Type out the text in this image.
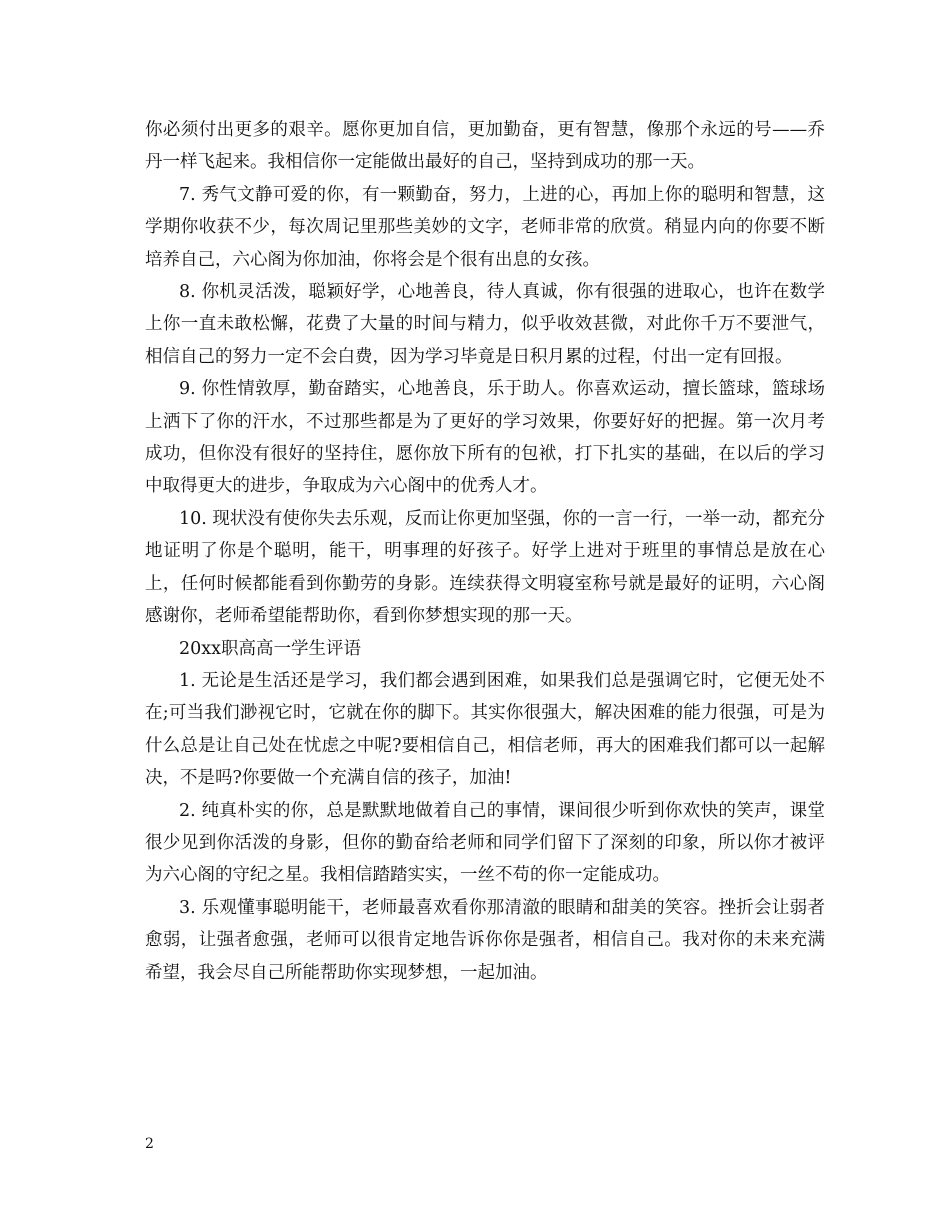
你必须付出更多的艰辛。愿你更加自信，更加勤奋，更有智慧，像那个永远的号——乔丹一样飞起来。我相信你一定能做出最好的自己，坚持到成功的那一天。

7. 秀气文静可爱的你，有一颗勤奋，努力，上进的心，再加上你的聪明和智慧，这学期你收获不少，每次周记里那些美妙的文字，老师非常的欣赏。稍显内向的你要不断培养自己，六心阁为你加油，你将会是个很有出息的女孩。

8. 你机灵活泼，聪颖好学，心地善良，待人真诚，你有很强的进取心，也许在数学上你一直未敢松懈，花费了大量的时间与精力，似乎收效甚微，对此你千万不要泄气，相信自己的努力一定不会白费，因为学习毕竟是日积月累的过程，付出一定有回报。

9. 你性情敦厚，勤奋踏实，心地善良，乐于助人。你喜欢运动，擅长篮球，篮球场上洒下了你的汗水，不过那些都是为了更好的学习效果，你要好好的把握。第一次月考成功，但你没有很好的坚持住，愿你放下所有的包袱，打下扎实的基础，在以后的学习中取得更大的进步，争取成为六心阁中的优秀人才。

10. 现状没有使你失去乐观，反而让你更加坚强，你的一言一行，一举一动，都充分地证明了你是个聪明，能干，明事理的好孩子。好学上进对于班里的事情总是放在心上，任何时候都能看到你勤劳的身影。连续获得文明寝室称号就是最好的证明，六心阁感谢你，老师希望能帮助你，看到你梦想实现的那一天。

20xx职高高一学生评语

1. 无论是生活还是学习，我们都会遇到困难，如果我们总是强调它时，它便无处不在;可当我们渺视它时，它就在你的脚下。其实你很强大，解决困难的能力很强，可是为什么总是让自己处在忧虑之中呢?要相信自己，相信老师，再大的困难我们都可以一起解决，不是吗?你要做一个充满自信的孩子，加油!

2. 纯真朴实的你，总是默默地做着自己的事情，课间很少听到你欢快的笑声，课堂很少见到你活泼的身影，但你的勤奋给老师和同学们留下了深刻的印象，所以你才被评为六心阁的守纪之星。我相信踏踏实实，一丝不苟的你一定能成功。

3. 乐观懂事聪明能干，老师最喜欢看你那清澈的眼睛和甜美的笑容。挫折会让弱者愈弱，让强者愈强，老师可以很肯定地告诉你你是强者，相信自己。我对你的未来充满希望，我会尽自己所能帮助你实现梦想，一起加油。

2
